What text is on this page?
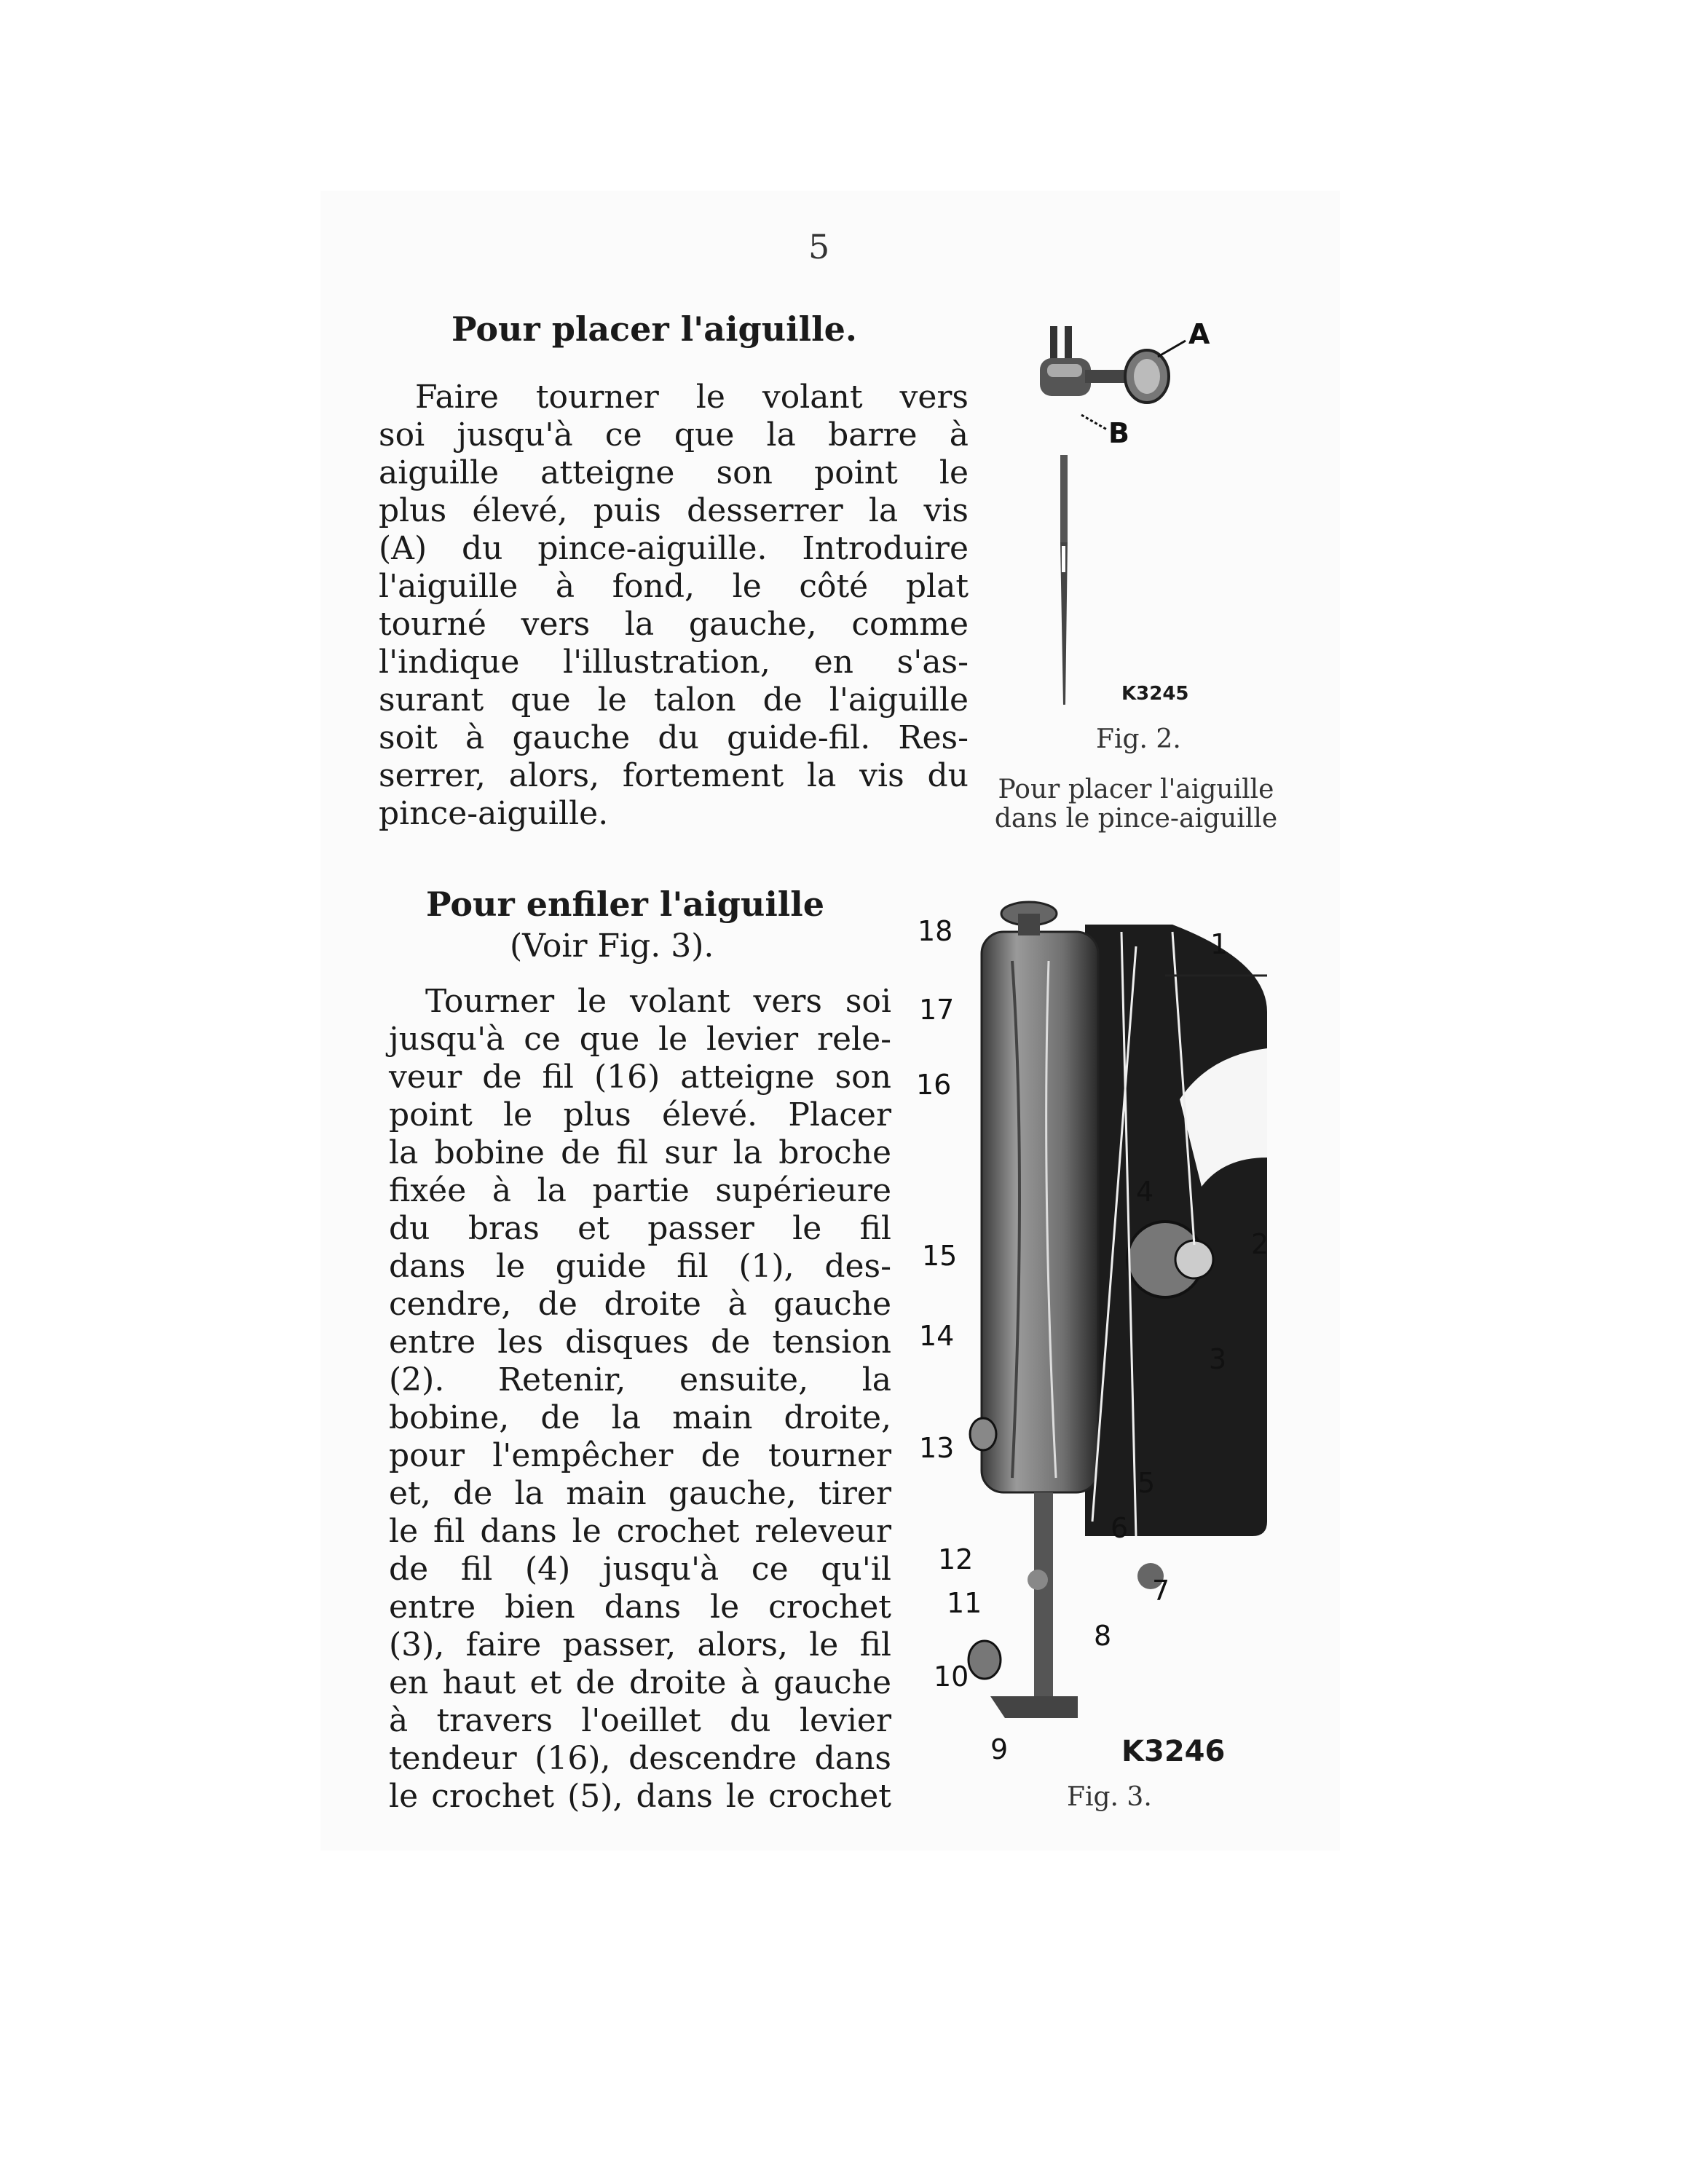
5
Pour placer l'aiguille.
Faire tourner le volant vers
soi jusqu'à ce que la barre à
aiguille atteigne son point le
plus élevé, puis desserrer la vis
(A) du pince-aiguille. Introduire
l'aiguille à fond, le côté plat
tourné vers la gauche, comme
l'indique l'illustration, en s'as-
surant que le talon de l'aiguille
soit à gauche du guide-fil. Res-
serrer, alors, fortement la vis du
pince-aiguille.
A
B
K3245
Fig. 2.
Pour placer l'aiguille
dans le pince-aiguille
Pour enfiler l'aiguille
(Voir Fig. 3).
Tourner le volant vers soi
jusqu'à ce que le levier rele-
veur de fil (16) atteigne son
point le plus élevé. Placer
la bobine de fil sur la broche
fixée à la partie supérieure
du bras et passer le fil
dans le guide fil (1), des-
cendre, de droite à gauche
entre les disques de tension
(2). Retenir, ensuite, la
bobine, de la main droite,
pour l'empêcher de tourner
et, de la main gauche, tirer
le fil dans le crochet releveur
de fil (4) jusqu'à ce qu'il
entre bien dans le crochet
(3), faire passer, alors, le fil
en haut et de droite à gauche
à travers l'oeillet du levier
tendeur (16), descendre dans
le crochet (5), dans le crochet
18
17
16
15
14
13
12
11
10
9
1
2
3
4
5
6
7
8
K3246
Fig. 3.
